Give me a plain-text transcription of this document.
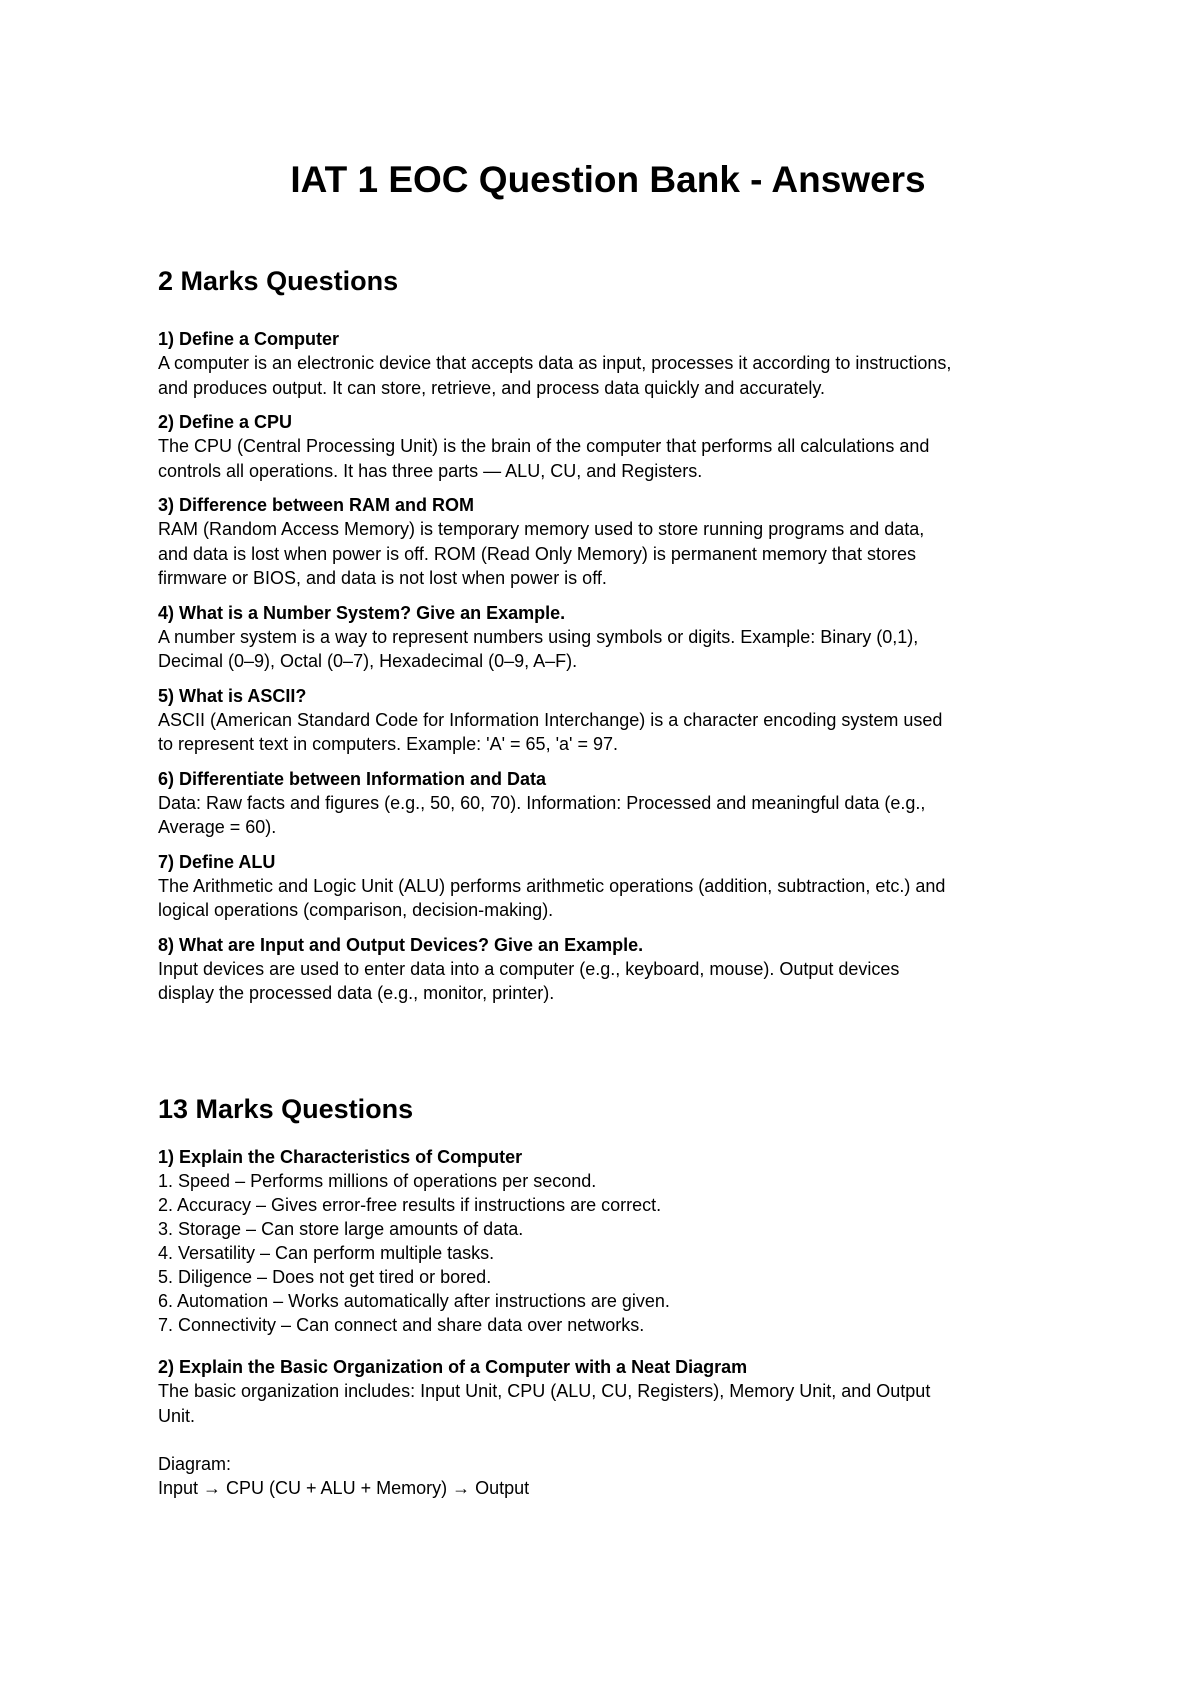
IAT 1 EOC Question Bank - Answers
2 Marks Questions

1) Define a Computer

A computer is an electronic device that accepts data as input, processes it according to instructions,
and produces output. It can store, retrieve, and process data quickly and accurately.

2) Define a CPU

The CPU (Central Processing Unit) is the brain of the computer that performs all calculations and
controls all operations. It has three parts — ALU, CU, and Registers.

3) Difference between RAM and ROM

RAM (Random Access Memory) is temporary memory used to store running programs and data,
and data is lost when power is off. ROM (Read Only Memory) is permanent memory that stores
firmware or BIOS, and data is not lost when power is off.

4) What is a Number System? Give an Example.

A number system is a way to represent numbers using symbols or digits. Example: Binary (0,1),
Decimal (0–9), Octal (0–7), Hexadecimal (0–9, A–F).

5) What is ASCII?

ASCII (American Standard Code for Information Interchange) is a character encoding system used
to represent text in computers. Example: 'A' = 65, 'a' = 97.

6) Differentiate between Information and Data

Data: Raw facts and figures (e.g., 50, 60, 70). Information: Processed and meaningful data (e.g.,
Average = 60).

7) Define ALU

The Arithmetic and Logic Unit (ALU) performs arithmetic operations (addition, subtraction, etc.) and
logical operations (comparison, decision-making).

8) What are Input and Output Devices? Give an Example.

Input devices are used to enter data into a computer (e.g., keyboard, mouse). Output devices
display the processed data (e.g., monitor, printer).

13 Marks Questions

1) Explain the Characteristics of Computer

1. Speed – Performs millions of operations per second.

2. Accuracy – Gives error-free results if instructions are correct.

3. Storage – Can store large amounts of data.

4. Versatility – Can perform multiple tasks.

5. Diligence – Does not get tired or bored.

6. Automation – Works automatically after instructions are given.

7. Connectivity – Can connect and share data over networks.

2) Explain the Basic Organization of a Computer with a Neat Diagram

The basic organization includes: Input Unit, CPU (ALU, CU, Registers), Memory Unit, and Output
Unit.

Diagram:

Input → CPU (CU + ALU + Memory) → Output
